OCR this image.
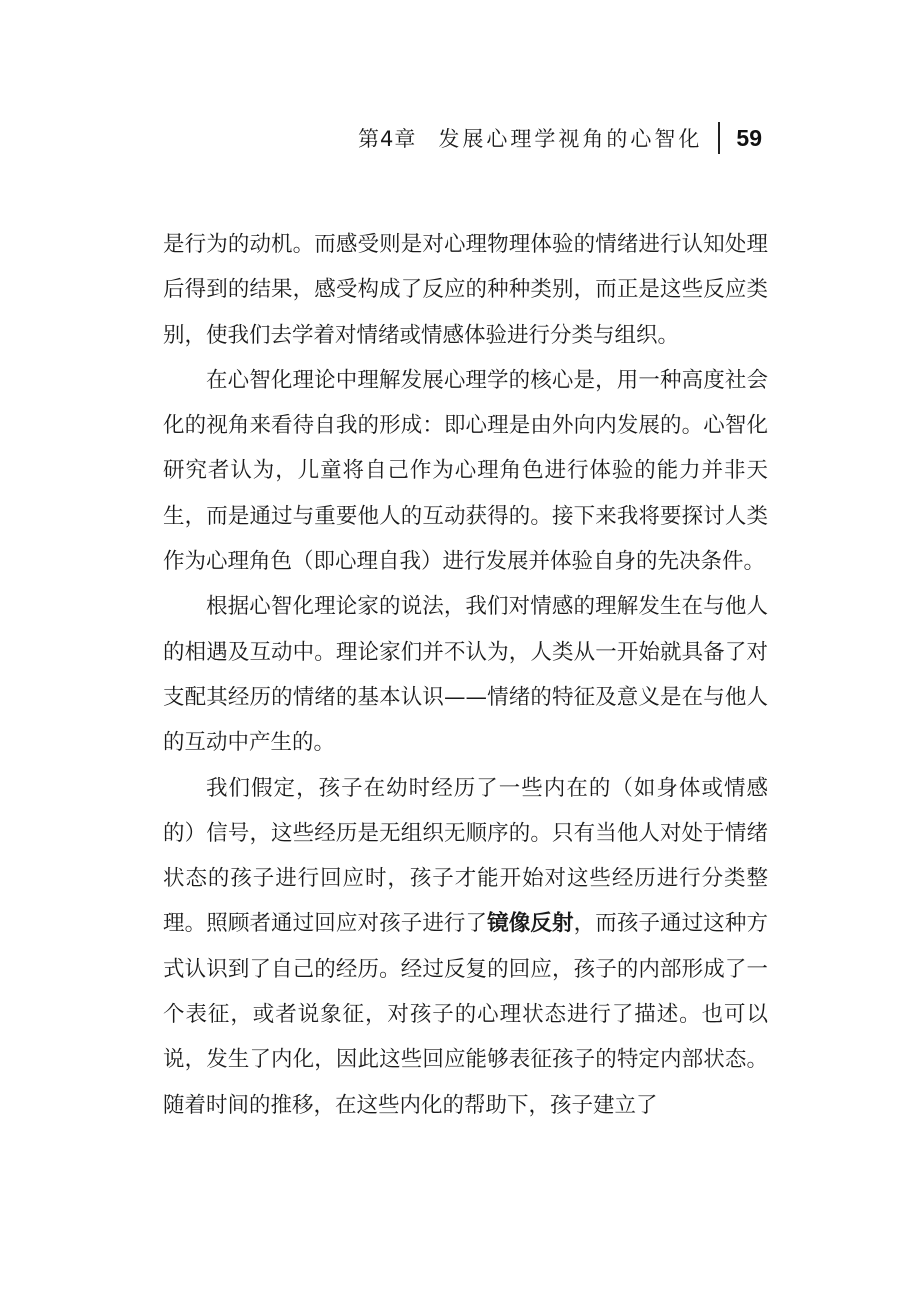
第4章 发展心理学视角的心智化 59

是行为的动机。而感受则是对心理物理体验的情绪进行认知处理后得到的结果，感受构成了反应的种种类别，而正是这些反应类别，使我们去学着对情绪或情感体验进行分类与组织。

在心智化理论中理解发展心理学的核心是，用一种高度社会化的视角来看待自我的形成：即心理是由外向内发展的。心智化研究者认为，儿童将自己作为心理角色进行体验的能力并非天生，而是通过与重要他人的互动获得的。接下来我将要探讨人类作为心理角色（即心理自我）进行发展并体验自身的先决条件。

根据心智化理论家的说法，我们对情感的理解发生在与他人的相遇及互动中。理论家们并不认为，人类从一开始就具备了对支配其经历的情绪的基本认识——情绪的特征及意义是在与他人的互动中产生的。

我们假定，孩子在幼时经历了一些内在的（如身体或情感的）信号，这些经历是无组织无顺序的。只有当他人对处于情绪状态的孩子进行回应时，孩子才能开始对这些经历进行分类整理。照顾者通过回应对孩子进行了镜像反射，而孩子通过这种方式认识到了自己的经历。经过反复的回应，孩子的内部形成了一个表征，或者说象征，对孩子的心理状态进行了描述。也可以说，发生了内化，因此这些回应能够表征孩子的特定内部状态。随着时间的推移，在这些内化的帮助下，孩子建立了
